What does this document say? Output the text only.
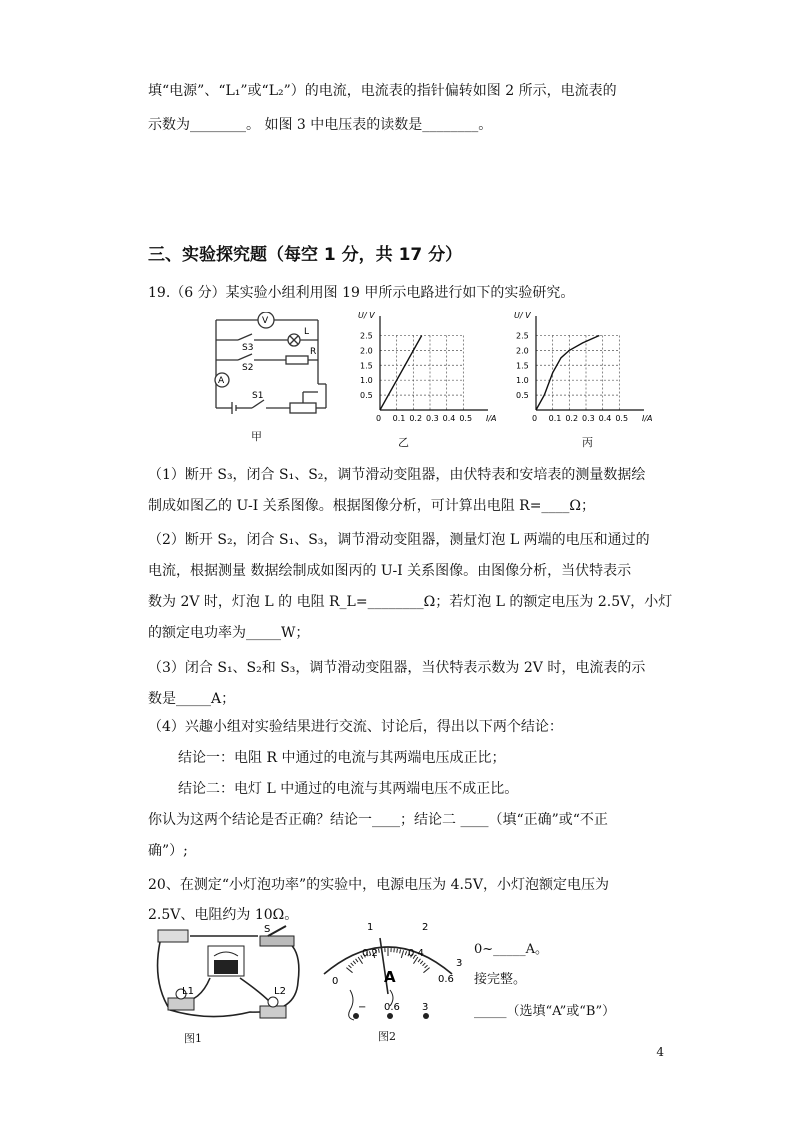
填“电源”、“L₁”或“L₂”）的电流，电流表的指针偏转如图 2 所示，电流表的
示数为________。 如图 3 中电压表的读数是________。
三、实验探究题（每空 1 分，共 17 分）
19.（6 分）某实验小组利用图 19 甲所示电路进行如下的实验研究。
V
L
S3	R
S2
A
S1
甲
0 0.1 0.2 0.3 0.4 0.5
0.5
1.0
1.5
2.0
2.5
I/A
U/ V
乙
0 0.1 0.2 0.3 0.4 0.5
0.5
1.0
1.5
2.0
2.5
I/A
U/ V
丙
（1）断开 S₃，闭合 S₁、S₂，调节滑动变阻器，由伏特表和安培表的测量数据绘
制成如图乙的 U-I 关系图像。根据图像分析，可计算出电阻 R=____Ω；
（2）断开 S₂，闭合 S₁、S₃，调节滑动变阻器，测量灯泡 L 两端的电压和通过的
电流，根据测量 数据绘制成如图丙的 U-I 关系图像。由图像分析，当伏特表示
数为 2V 时，灯泡 L 的 电阻 R_L=________Ω；若灯泡 L 的额定电压为 2.5V，小灯
的额定电功率为_____W；
（3）闭合 S₁、S₂和 S₃，调节滑动变阻器，当伏特表示数为 2V 时，电流表的示
数是_____A；
（4）兴趣小组对实验结果进行交流、讨论后，得出以下两个结论：
结论一：电阻 R 中通过的电流与其两端电压成正比；
结论二：电灯 L 中通过的电流与其两端电压不成正比。
你认为这两个结论是否正确？结论一____；结论二 ____（填“正确”或“不正
确”）;
20、在测定“小灯泡功率”的实验中，电源电压为 4.5V，小灯泡额定电压为
2.5V、电阻约为 10Ω。
S
L1	L2
图1
1	2
3
0
0.2	0.4
0.6
A
− 0.6 3
图2
0~_____A。
接完整。
_____（选填“A”或“B”）
4
